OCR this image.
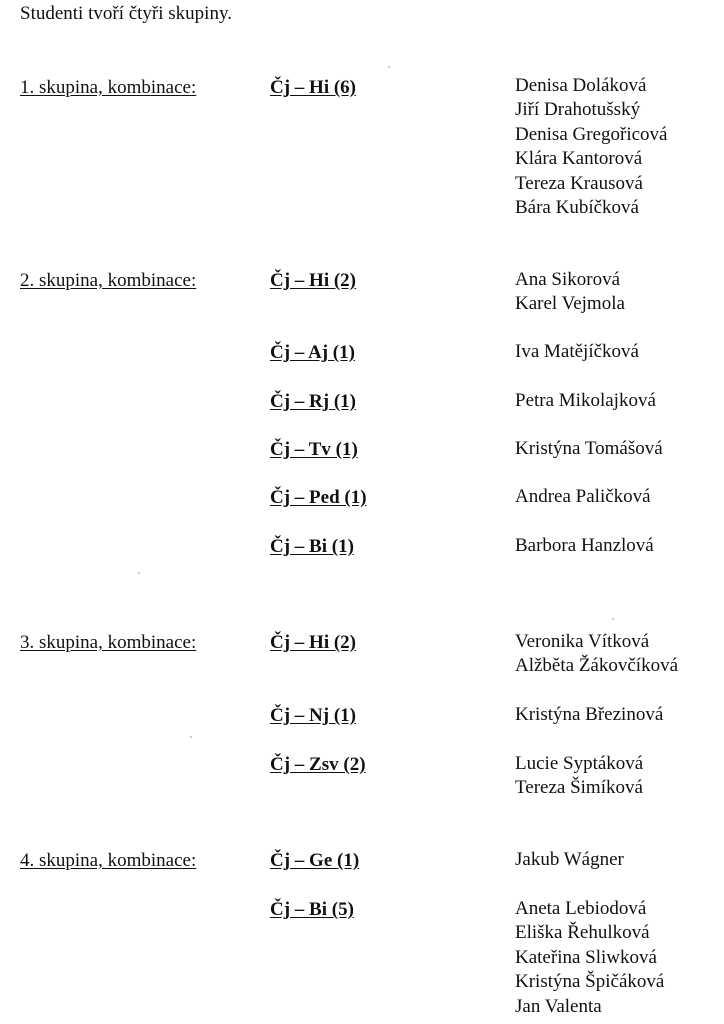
Studenti tvoří čtyři skupiny.
1. skupina, kombinace:	Čj – Hi (6)	Denisa Doláková
Jiří Drahotušský
Denisa Gregořicová
Klára Kantorová
Tereza Krausová
Bára Kubíčková
2. skupina, kombinace:	Čj – Hi (2)	Ana Sikorová
Karel Vejmola
Čj – Aj (1)	Iva Matějíčková
Čj – Rj (1)	Petra Mikolajková
Čj – Tv (1)	Kristýna Tomášová
Čj – Ped (1)	Andrea Paličková
Čj – Bi (1)	Barbora Hanzlová
3. skupina, kombinace:	Čj – Hi (2)	Veronika Vítková
Alžběta Žákovčíková
Čj – Nj (1)	Kristýna Březinová
Čj – Zsv (2)	Lucie Syptáková
Tereza Šimíková
4. skupina, kombinace:	Čj – Ge (1)	Jakub Wágner
Čj – Bi (5)	Aneta Lebiodová
Eliška Řehulková
Kateřina Sliwková
Kristýna Špičáková
Jan Valenta
